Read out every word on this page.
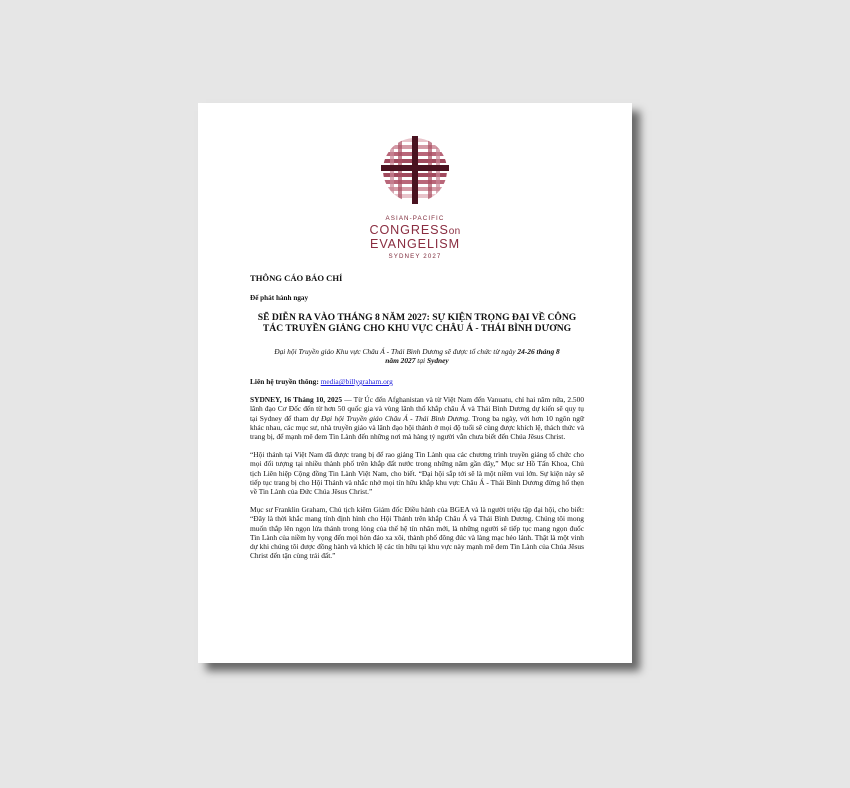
ASIAN-PACIFIC
CONGRESSon
EVANGELISM
SYDNEY 2027

THÔNG CÁO BÁO CHÍ

Để phát hành ngay

SẼ DIỄN RA VÀO THÁNG 8 NĂM 2027: SỰ KIỆN TRỌNG ĐẠI VỀ CÔNG TÁC TRUYỀN GIẢNG CHO KHU VỰC CHÂU Á - THÁI BÌNH DƯƠNG

Đại hội Truyền giáo Khu vực Châu Á - Thái Bình Dương sẽ được tổ chức từ ngày 24-26 tháng 8 năm 2027 tại Sydney

Liên hệ truyền thông: media@billygraham.org

SYDNEY, 16 Tháng 10, 2025 — Từ Úc đến Afghanistan và từ Việt Nam đến Vanuatu, chỉ hai năm nữa, 2.500 lãnh đạo Cơ Đốc đến từ hơn 50 quốc gia và vùng lãnh thổ khắp châu Á và Thái Bình Dương dự kiến sẽ quy tụ tại Sydney để tham dự Đại hội Truyền giáo Châu Á - Thái Bình Dương. Trong ba ngày, với hơn 10 ngôn ngữ khác nhau, các mục sư, nhà truyền giáo và lãnh đạo hội thánh ở mọi độ tuổi sẽ cùng được khích lệ, thách thức và trang bị, để mạnh mẽ đem Tin Lành đến những nơi mà hàng tỷ người vẫn chưa biết đến Chúa Jêsus Christ.

“Hội thánh tại Việt Nam đã được trang bị để rao giảng Tin Lành qua các chương trình truyền giảng tổ chức cho mọi đối tượng tại nhiều thành phố trên khắp đất nước trong những năm gần đây,” Mục sư Hồ Tấn Khoa, Chủ tịch Liên hiệp Cộng đồng Tin Lành Việt Nam, cho biết. “Đại hội sắp tới sẽ là một niềm vui lớn. Sự kiện này sẽ tiếp tục trang bị cho Hội Thánh và nhắc nhở mọi tín hữu khắp khu vực Châu Á - Thái Bình Dương đừng hổ thẹn về Tin Lành của Đức Chúa Jêsus Christ.”

Mục sư Franklin Graham, Chủ tịch kiêm Giám đốc Điều hành của BGEA và là người triệu tập đại hội, cho biết: “Đây là thời khắc mang tính định hình cho Hội Thánh trên khắp Châu Á và Thái Bình Dương. Chúng tôi mong muốn thắp lên ngọn lửa thánh trong lòng của thế hệ tín nhân mới, là những người sẽ tiếp tục mang ngọn đuốc Tin Lành của niềm hy vọng đến mọi hòn đảo xa xôi, thành phố đông đúc và làng mạc hẻo lánh. Thật là một vinh dự khi chúng tôi được đồng hành và khích lệ các tín hữu tại khu vực này mạnh mẽ đem Tin Lành của Chúa Jêsus Christ đến tận cùng trái đất.”
